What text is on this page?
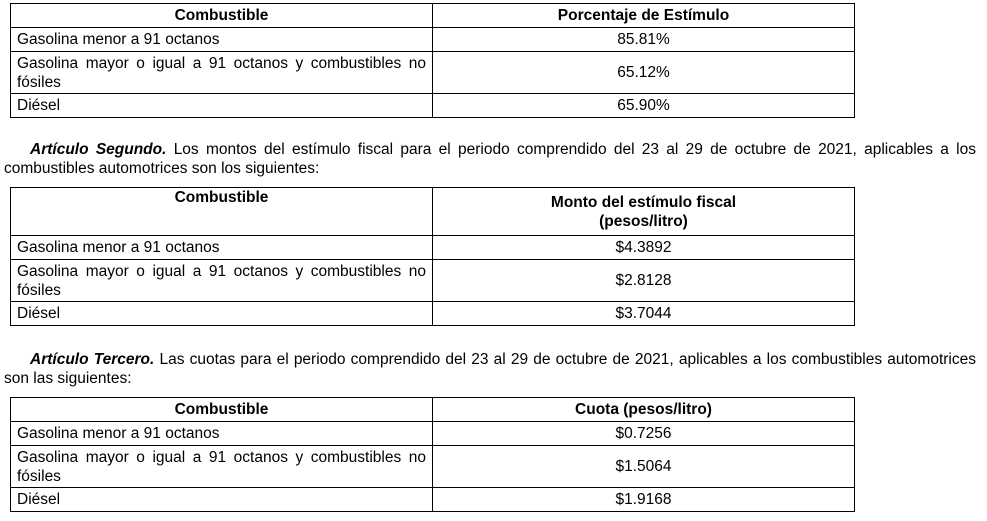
Combustible	Porcentaje de Estímulo
Gasolina menor a 91 octanos	85.81%
Gasolina mayor o igual a 91 octanos y combustibles no fósiles	65.12%
Diésel	65.90%

Artículo Segundo. Los montos del estímulo fiscal para el periodo comprendido del 23 al 29 de octubre de 2021, aplicables a los combustibles automotrices son los siguientes:

Combustible	Monto del estímulo fiscal
(pesos/litro)
Gasolina menor a 91 octanos	$4.3892
Gasolina mayor o igual a 91 octanos y combustibles no fósiles	$2.8128
Diésel	$3.7044

Artículo Tercero. Las cuotas para el periodo comprendido del 23 al 29 de octubre de 2021, aplicables a los combustibles automotrices son las siguientes:

Combustible	Cuota (pesos/litro)
Gasolina menor a 91 octanos	$0.7256
Gasolina mayor o igual a 91 octanos y combustibles no fósiles	$1.5064
Diésel	$1.9168
